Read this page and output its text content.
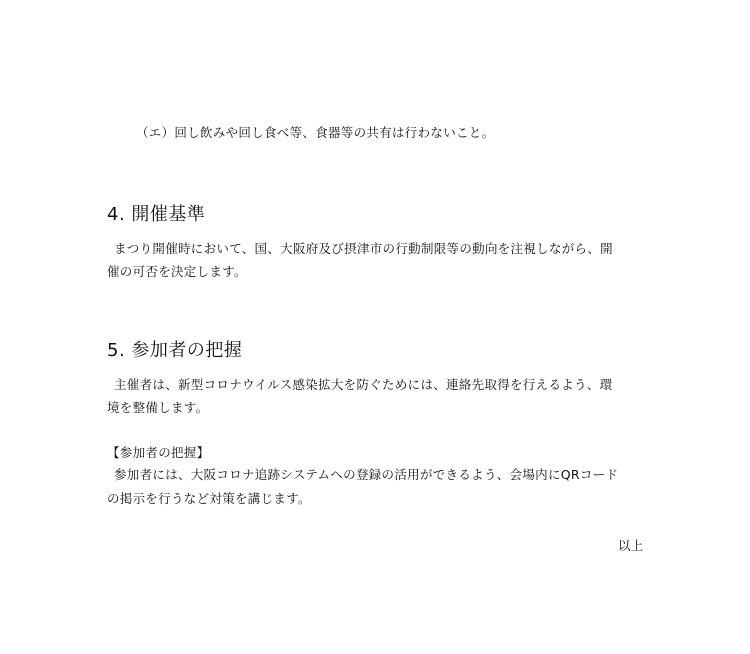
（エ）回し飲みや回し食べ等、食器等の共有は行わないこと。
4. 開催基準
まつり開催時において、国、大阪府及び摂津市の行動制限等の動向を注視しながら、開
催の可否を決定します。
5. 参加者の把握
主催者は、新型コロナウイルス感染拡大を防ぐためには、連絡先取得を行えるよう、環
境を整備します。
【参加者の把握】
参加者には、大阪コロナ追跡システムへの登録の活用ができるよう、会場内にQRコード
の掲示を行うなど対策を講じます。
以上
